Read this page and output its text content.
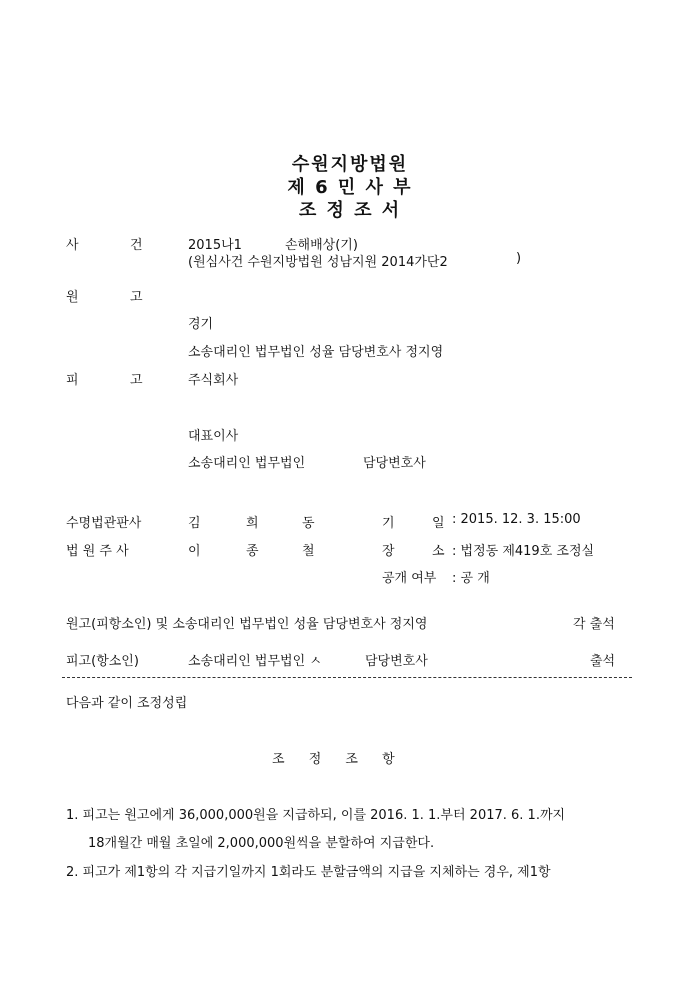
수원지방법원
제 6 민 사 부
조 정 조 서
사	건	2015나1	손해배상(기)
(원심사건 수원지방법원 성남지원 2014가단2	)
원	고
경기
소송대리인 법무법인 성율 담당변호사 정지영
피	고	주식회사
대표이사
소송대리인 법무법인	담당변호사
수명법관판사	김	희	동	기	일 : 2015. 12. 3. 15:00
법 원 주 사	이	종	철	장	소 : 법정동 제419호 조정실
공개 여부 : 공 개
원고(피항소인) 및 소송대리인 법무법인 성율 담당변호사 정지영	각 출석
피고(항소인)	소송대리인 법무법인 ㅅ	담당변호사	출석
다음과 같이 조정성립
조 정 조 항
1. 피고는 원고에게 36,000,000원을 지급하되, 이를 2016. 1. 1.부터 2017. 6. 1.까지
18개월간 매월 초일에 2,000,000원씩을 분할하여 지급한다.
2. 피고가 제1항의 각 지급기일까지 1회라도 분할금액의 지급을 지체하는 경우, 제1항
